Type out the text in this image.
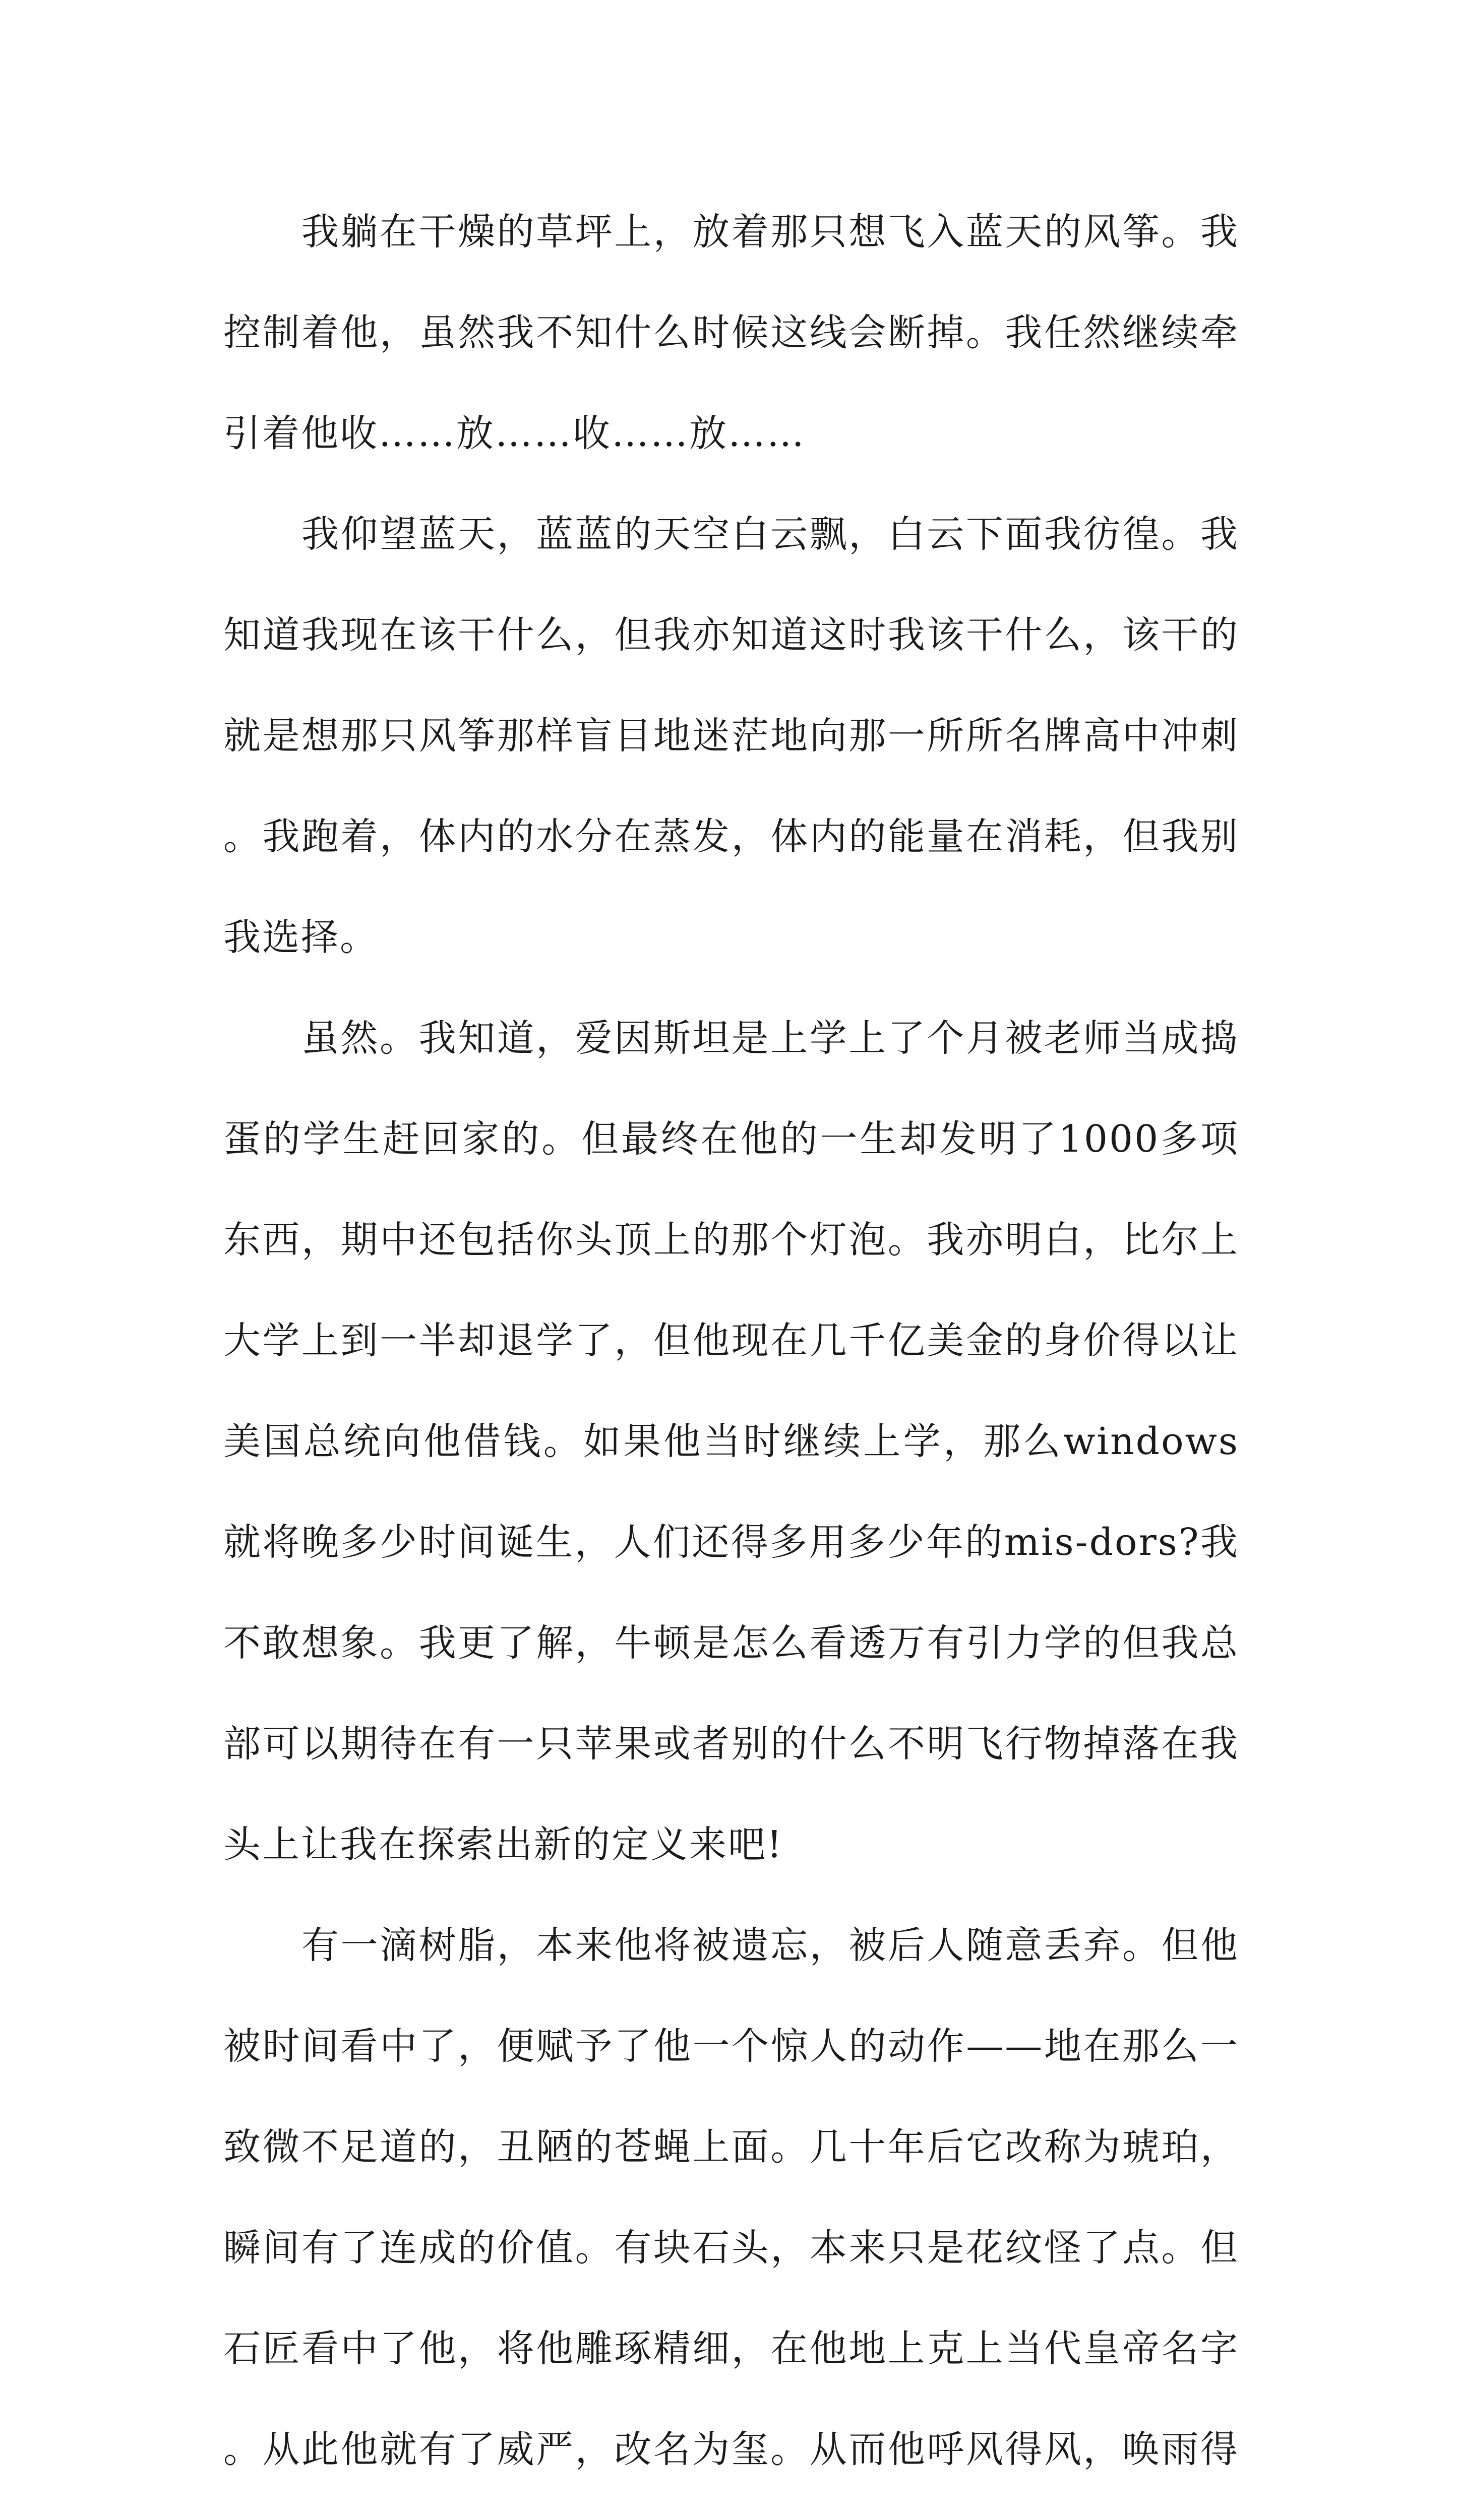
我躺在干燥的草坪上，放着那只想飞入蓝天的风筝。我控制着他，虽然我不知什么时候这线会断掉。我任然继续牵引着他收……放……收……放……

我仰望蓝天，蓝蓝的天空白云飘，白云下面我彷徨。我知道我现在该干什么，但我亦知道这时我该干什么，该干的就是想那只风筝那样盲目地迷茫地向那一所所名牌高中冲刺。我跑着，体内的水分在蒸发，体内的能量在消耗，但我别我选择。

虽然。我知道，爱因斯坦是上学上了个月被老师当成捣蛋的学生赶回家的。但最终在他的一生却发明了1000多项东西，期中还包括你头顶上的那个灯泡。我亦明白，比尔上大学上到一半却退学了，但他现在几千亿美金的身价得以让美国总统向他借钱。如果他当时继续上学，那么windows就将晚多少时间诞生，人们还得多用多少年的mis-dors?我不敢想象。我更了解，牛顿是怎么看透万有引力学的但我总部可以期待在有一只苹果或者别的什么不明飞行物掉落在我头上让我在探索出新的定义来吧!

有一滴树脂，本来他将被遗忘，被后人随意丢弃。但他被时间看中了，便赋予了他一个惊人的动作——地在那么一致微不足道的，丑陋的苍蝇上面。几十年后它改称为琥珀，瞬间有了连成的价值。有块石头，本来只是花纹怪了点。但石匠看中了他，将他雕琢精细，在他地上克上当代皇帝名字。从此他就有了威严，改名为玺。从而他呼风得风，唤雨得
